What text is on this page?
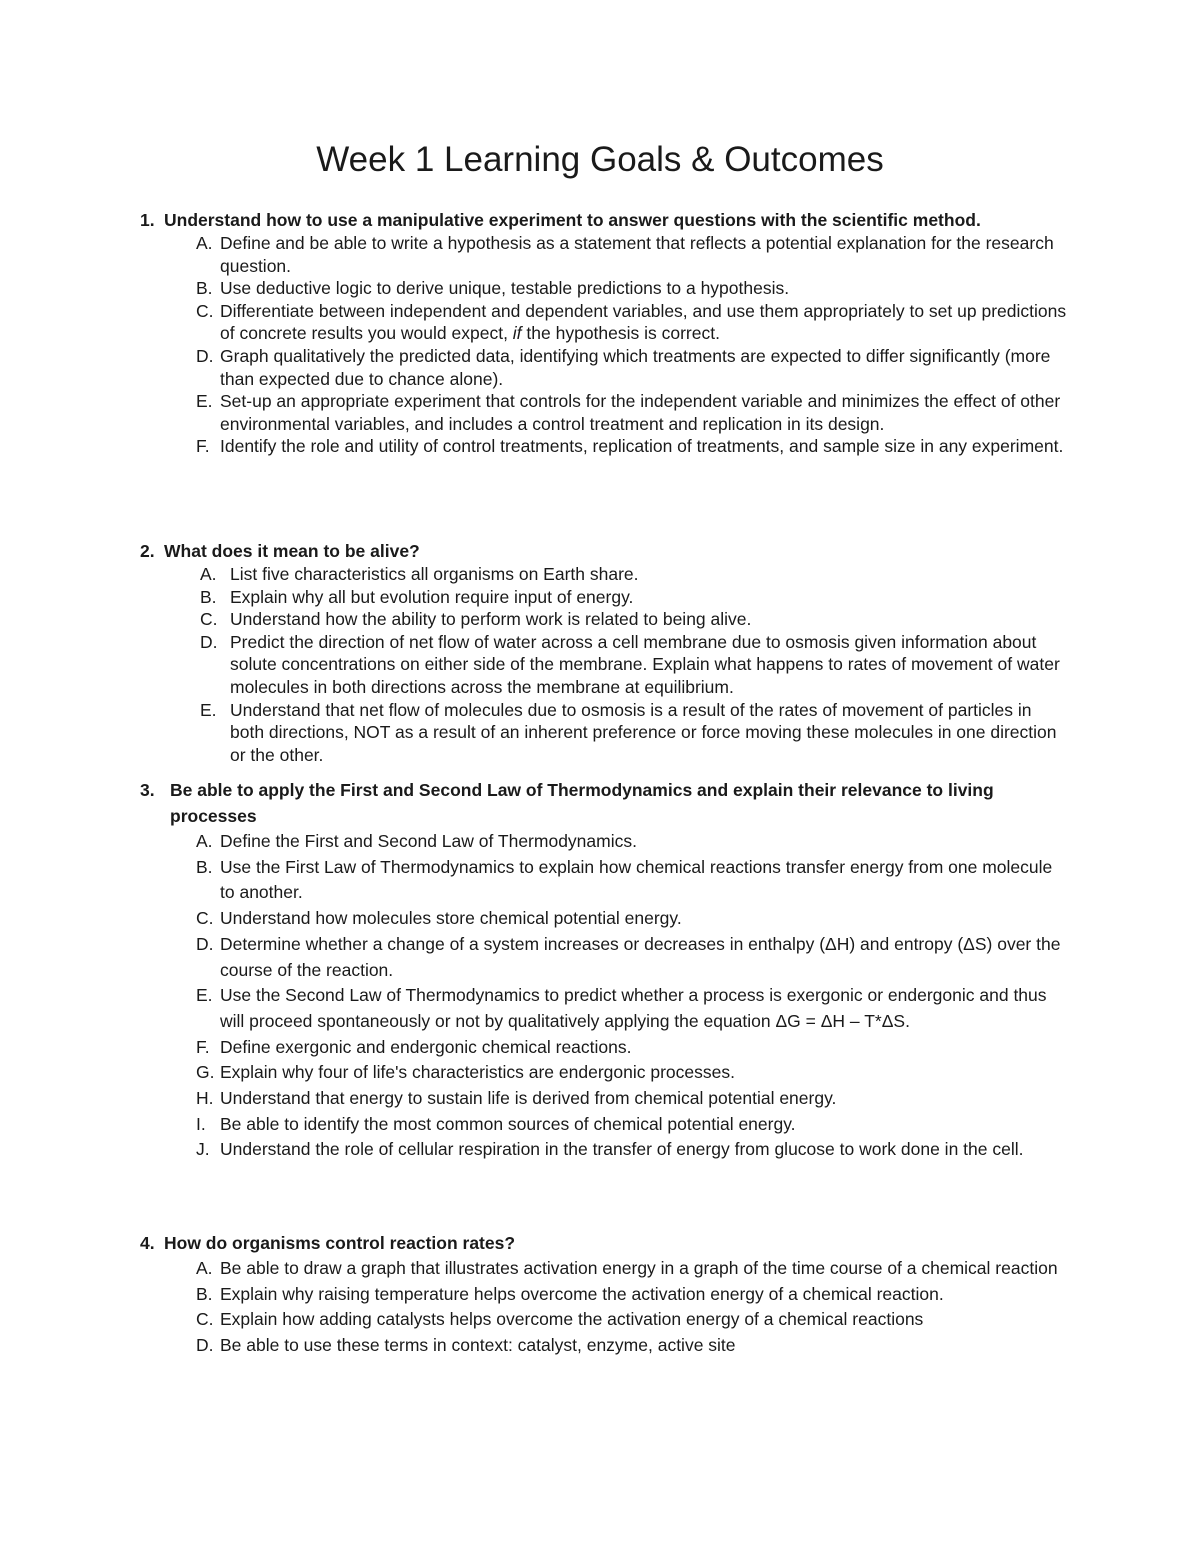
Week 1 Learning Goals & Outcomes

1. Understand how to use a manipulative experiment to answer questions with the scientific method.

A. Define and be able to write a hypothesis as a statement that reflects a potential explanation for the research question.
B. Use deductive logic to derive unique, testable predictions to a hypothesis.
C. Differentiate between independent and dependent variables, and use them appropriately to set up predictions of concrete results you would expect, if the hypothesis is correct.
D. Graph qualitatively the predicted data, identifying which treatments are expected to differ significantly (more than expected due to chance alone).
E. Set-up an appropriate experiment that controls for the independent variable and minimizes the effect of other environmental variables, and includes a control treatment and replication in its design.
F. Identify the role and utility of control treatments, replication of treatments, and sample size in any experiment.

2. What does it mean to be alive?

A. List five characteristics all organisms on Earth share.
B. Explain why all but evolution require input of energy.
C. Understand how the ability to perform work is related to being alive.
D. Predict the direction of net flow of water across a cell membrane due to osmosis given information about solute concentrations on either side of the membrane. Explain what happens to rates of movement of water molecules in both directions across the membrane at equilibrium.
E. Understand that net flow of molecules due to osmosis is a result of the rates of movement of particles in both directions, NOT as a result of an inherent preference or force moving these molecules in one direction or the other.

3. Be able to apply the First and Second Law of Thermodynamics and explain their relevance to living processes

A. Define the First and Second Law of Thermodynamics.
B. Use the First Law of Thermodynamics to explain how chemical reactions transfer energy from one molecule to another.
C. Understand how molecules store chemical potential energy.
D. Determine whether a change of a system increases or decreases in enthalpy (ΔH) and entropy (ΔS) over the course of the reaction.
E. Use the Second Law of Thermodynamics to predict whether a process is exergonic or endergonic and thus will proceed spontaneously or not by qualitatively applying the equation ΔG = ΔH – T*ΔS.
F. Define exergonic and endergonic chemical reactions.
G. Explain why four of life's characteristics are endergonic processes.
H. Understand that energy to sustain life is derived from chemical potential energy.
I. Be able to identify the most common sources of chemical potential energy.
J. Understand the role of cellular respiration in the transfer of energy from glucose to work done in the cell.

4. How do organisms control reaction rates?

A. Be able to draw a graph that illustrates activation energy in a graph of the time course of a chemical reaction
B. Explain why raising temperature helps overcome the activation energy of a chemical reaction.
C. Explain how adding catalysts helps overcome the activation energy of a chemical reactions
D. Be able to use these terms in context: catalyst, enzyme, active site
